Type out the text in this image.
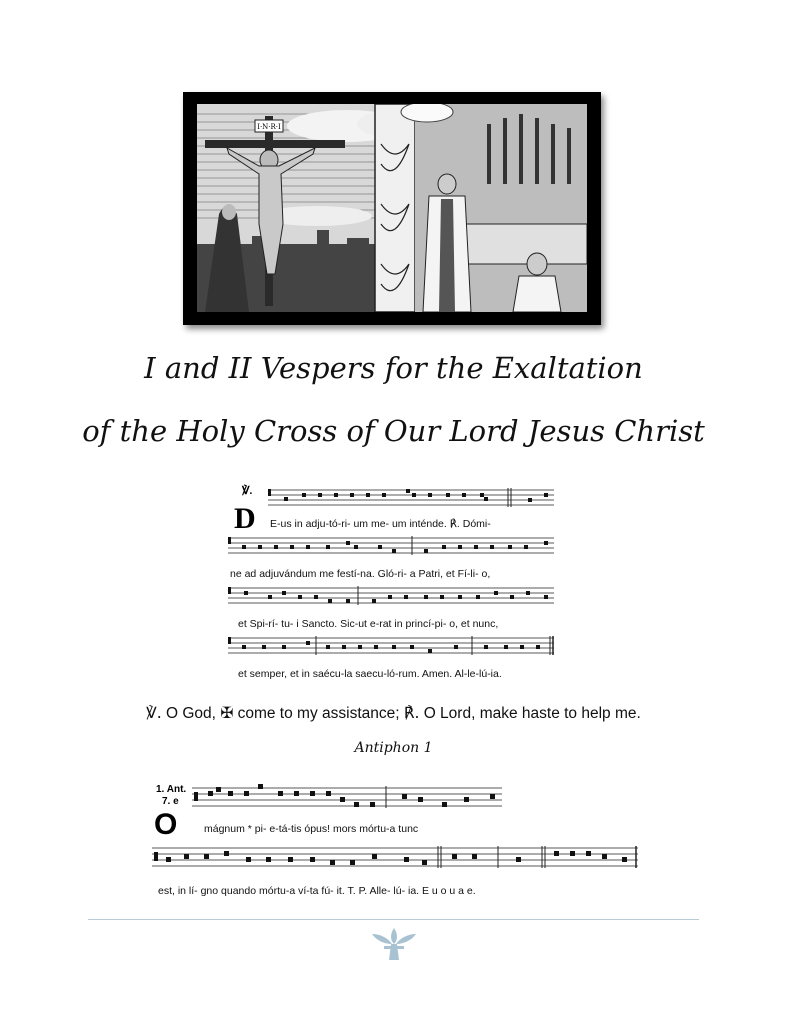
I·N·R·I
I and II Vespers for the Exaltation
of the Holy Cross of Our Lord Jesus Christ
℣.
D E-us in adju-tó-ri- um me- um inténde. ℟. Dómi-
ne ad adjuvándum me festí-na. Gló-ri- a Patri, et Fí-li- o,
et Spi-rí- tu- i Sancto. Sic-ut e-rat in princí-pi- o, et nunc,
et semper, et in saécu-la saecu-ló-rum. Amen. Al-le-lú-ia.
℣. O God, ✠ come to my assistance; ℟. O Lord, make haste to help me.
Antiphon 1
1. Ant.
7. e
O	mágnum * pi- e-tá-tis ópus! mors mórtu-a tunc
est, in lí- gno quando mórtu-a ví-ta fú- it. T. P. Alle- lú- ia. E u o u a e.
